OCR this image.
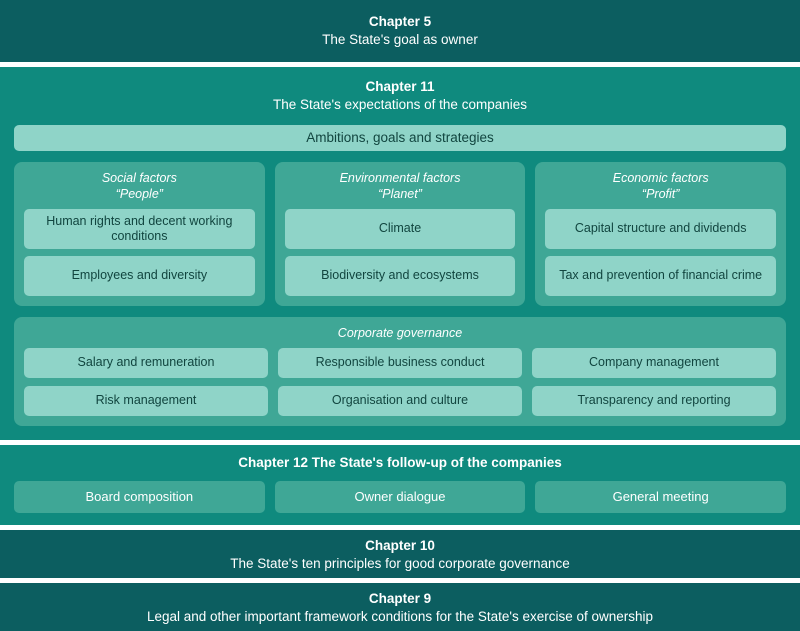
Chapter 5
The State's goal as owner
Chapter 11
The State's expectations of the companies
Ambitions, goals and strategies
Social factors
“People”
Human rights and decent working conditions
Employees and diversity
Environmental factors
“Planet”
Climate
Biodiversity and ecosystems
Economic factors
“Profit”
Capital structure and dividends
Tax and prevention of financial crime
Corporate governance
Salary and remuneration	Responsible business conduct	Company management
Risk management	Organisation and culture	Transparency and reporting
Chapter 12 The State's follow-up of the companies
Board composition	Owner dialogue	General meeting
Chapter 10
The State's ten principles for good corporate governance
Chapter 9
Legal and other important framework conditions for the State's exercise of ownership
